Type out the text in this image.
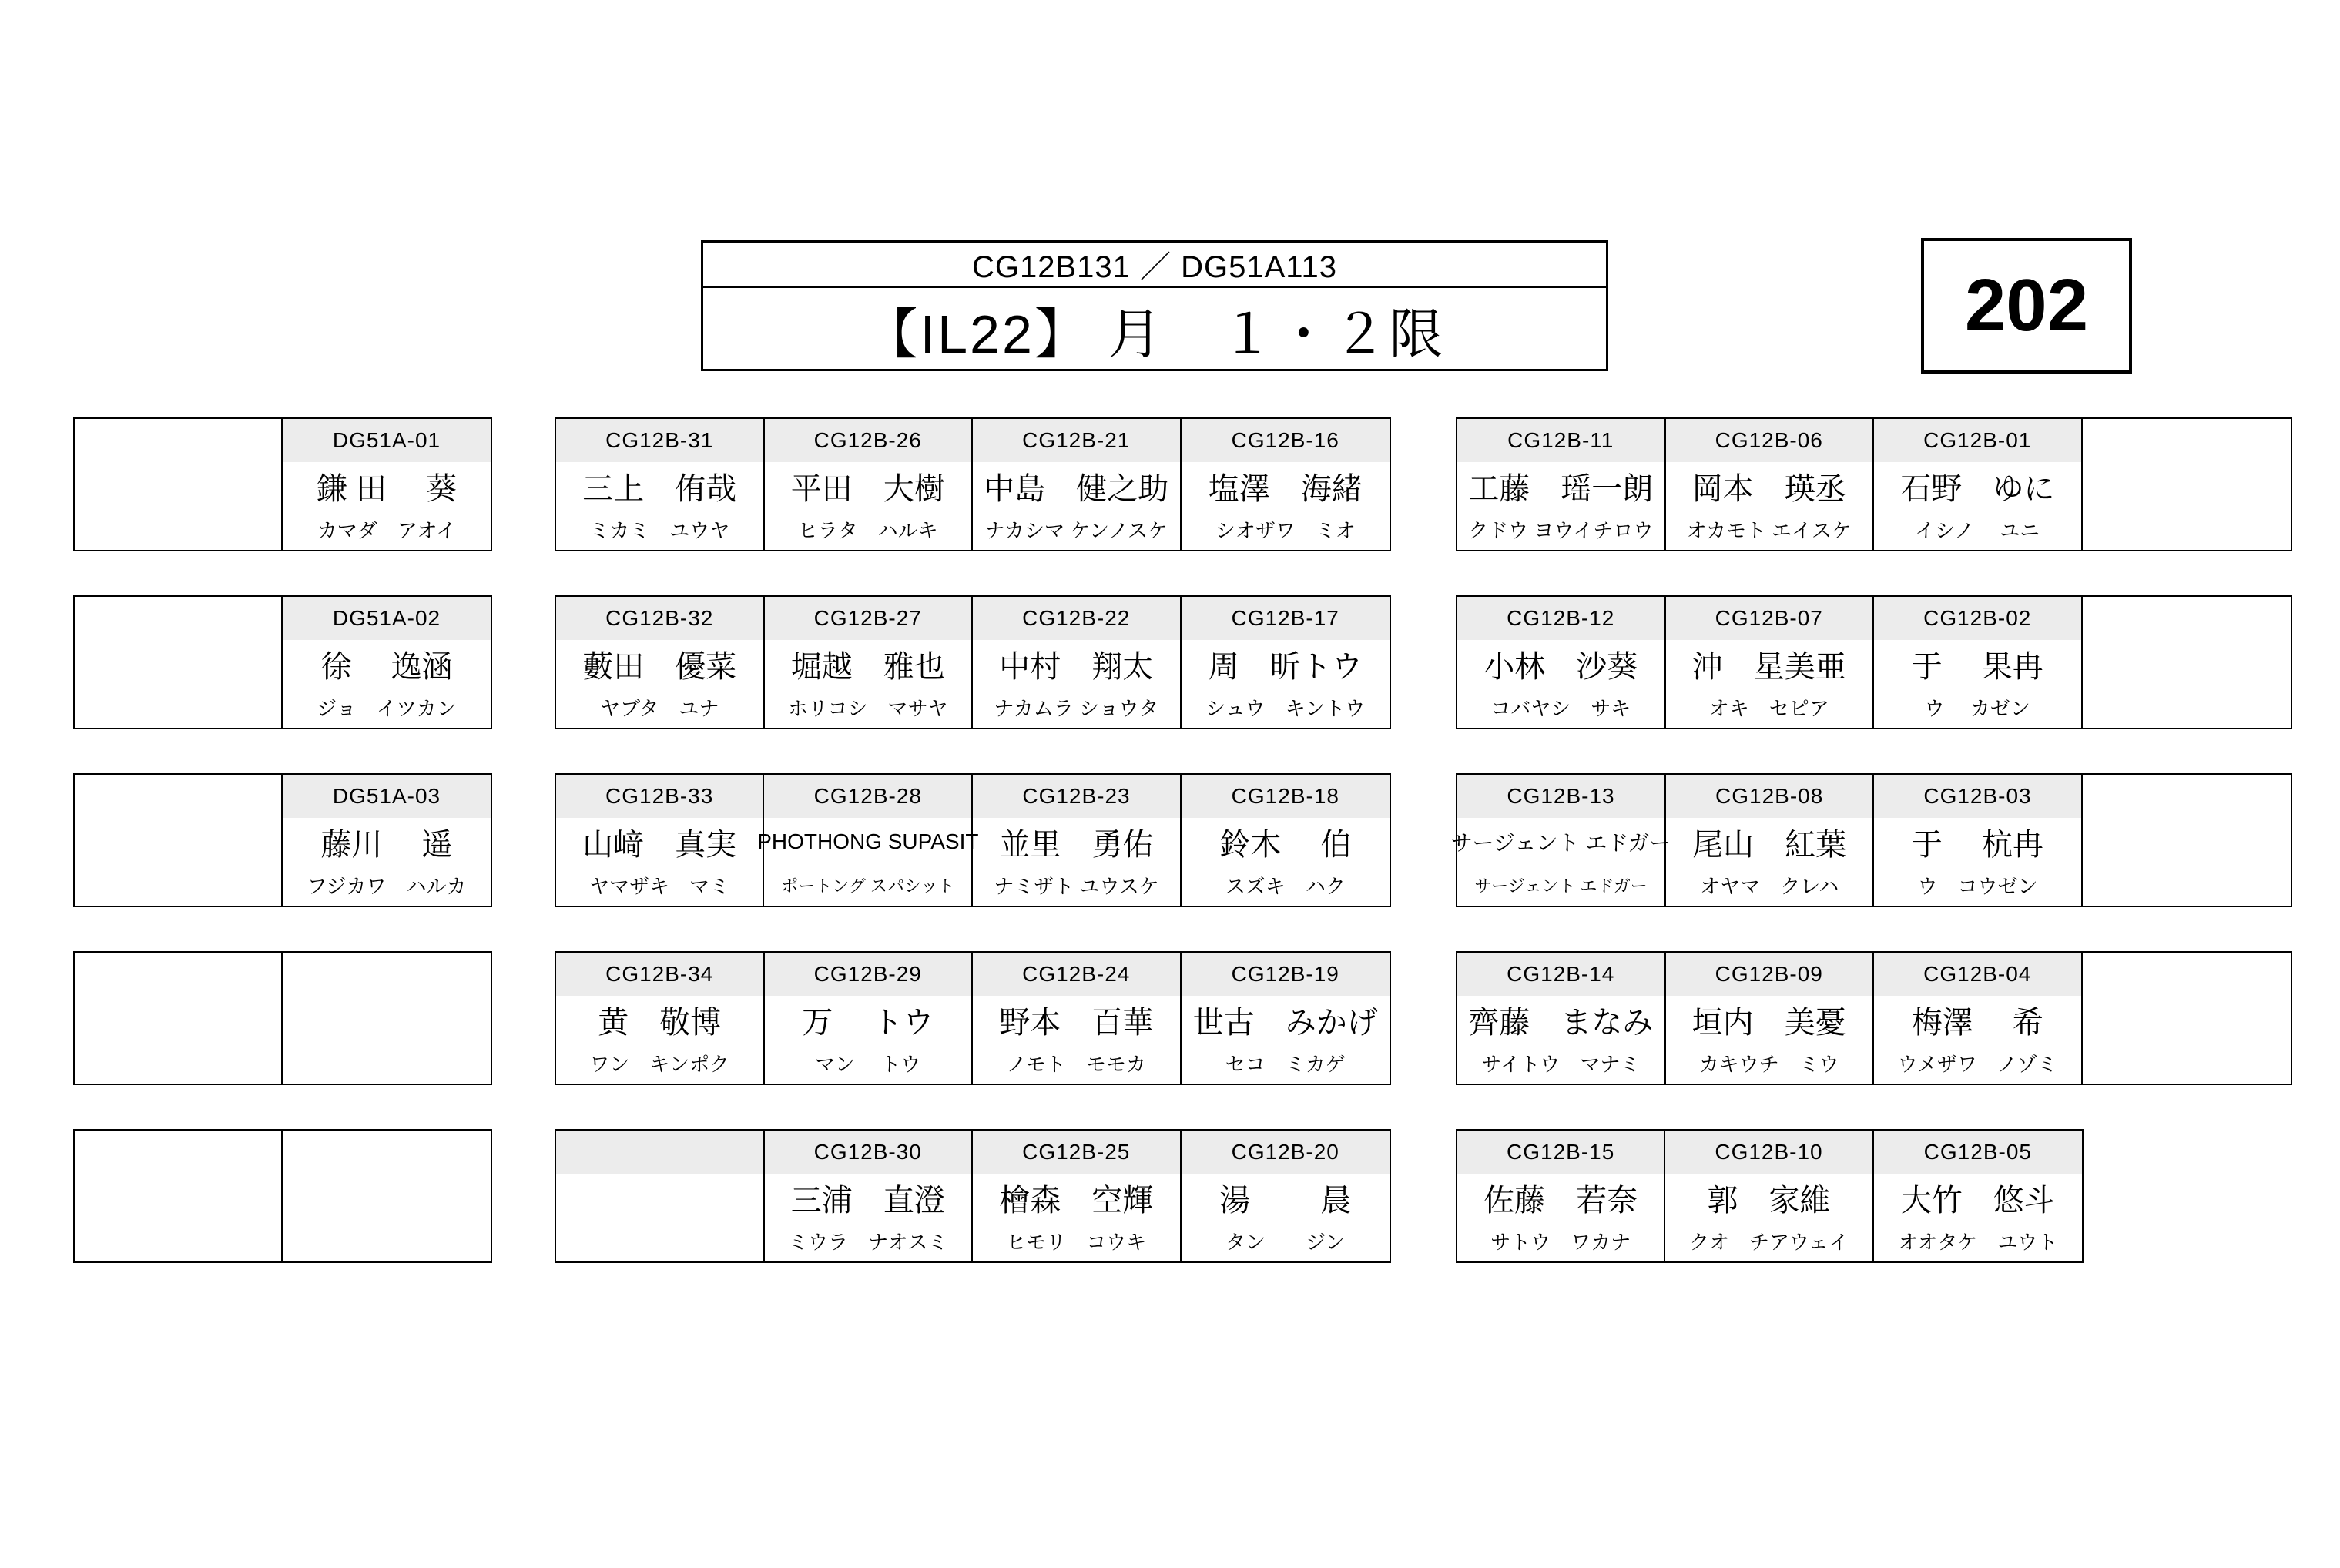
CG12B131 ／ DG51A113
【IL22】 月　１・２限	202
DG51A-01
鎌 田　 葵
カマダ　アオイ
CG12B-31
三上　侑哉
ミカミ　ユウヤ
CG12B-26
平田　大樹
ヒラタ　ハルキ
CG12B-21
中島　健之助
ナカシマ ケンノスケ
CG12B-16
塩澤　海緒
シオザワ　ミオ
CG12B-11
工藤　瑶一朗
クドウ ヨウイチロウ
CG12B-06
岡本　瑛丞
オカモト エイスケ
CG12B-01
石野　ゆに
イシノ　 ユニ
DG51A-02
徐　 逸涵
ジョ　イツカン
CG12B-32
藪田　優菜
ヤブタ　ユナ
CG12B-27
堀越　雅也
ホリコシ　マサヤ
CG12B-22
中村　翔太
ナカムラ ショウタ
CG12B-17
周　昕トウ
シュウ　キントウ
CG12B-12
小林　沙葵
コバヤシ　サキ
CG12B-07
沖　星美亜
オキ　セピア
CG12B-02
于　 果冉
ウ　 カゼン
DG51A-03
藤川　 遥
フジカワ　ハルカ
CG12B-33
山﨑　真実
ヤマザキ　マミ
CG12B-28
PHOTHONG SUPASIT
ポートング スパシット
CG12B-23
並里　勇佑
ナミザト ユウスケ
CG12B-18
鈴木　 伯
スズキ　ハク
CG12B-13
サージェント エドガー
サージェント エドガー
CG12B-08
尾山　紅葉
オヤマ　クレハ
CG12B-03
于　 杭冉
ウ　コウゼン
CG12B-34
黄　敬博
ワン　キンポク
CG12B-29
万　 トウ
マン　 トウ
CG12B-24
野本　百華
ノモト　モモカ
CG12B-19
世古　みかげ
セコ　ミカゲ
CG12B-14
齊藤　まなみ
サイトウ　マナミ
CG12B-09
垣内　美憂
カキウチ　ミウ
CG12B-04
梅澤　 希
ウメザワ　ノゾミ
CG12B-30
三浦　直澄
ミウラ　ナオスミ
CG12B-25
檜森　空輝
ヒモリ　コウキ
CG12B-20
湯　　 晨
タン　　ジン
CG12B-15
佐藤　若奈
サトウ　ワカナ
CG12B-10
郭　家維
クオ　チアウェイ
CG12B-05
大竹　悠斗
オオタケ　ユウト
